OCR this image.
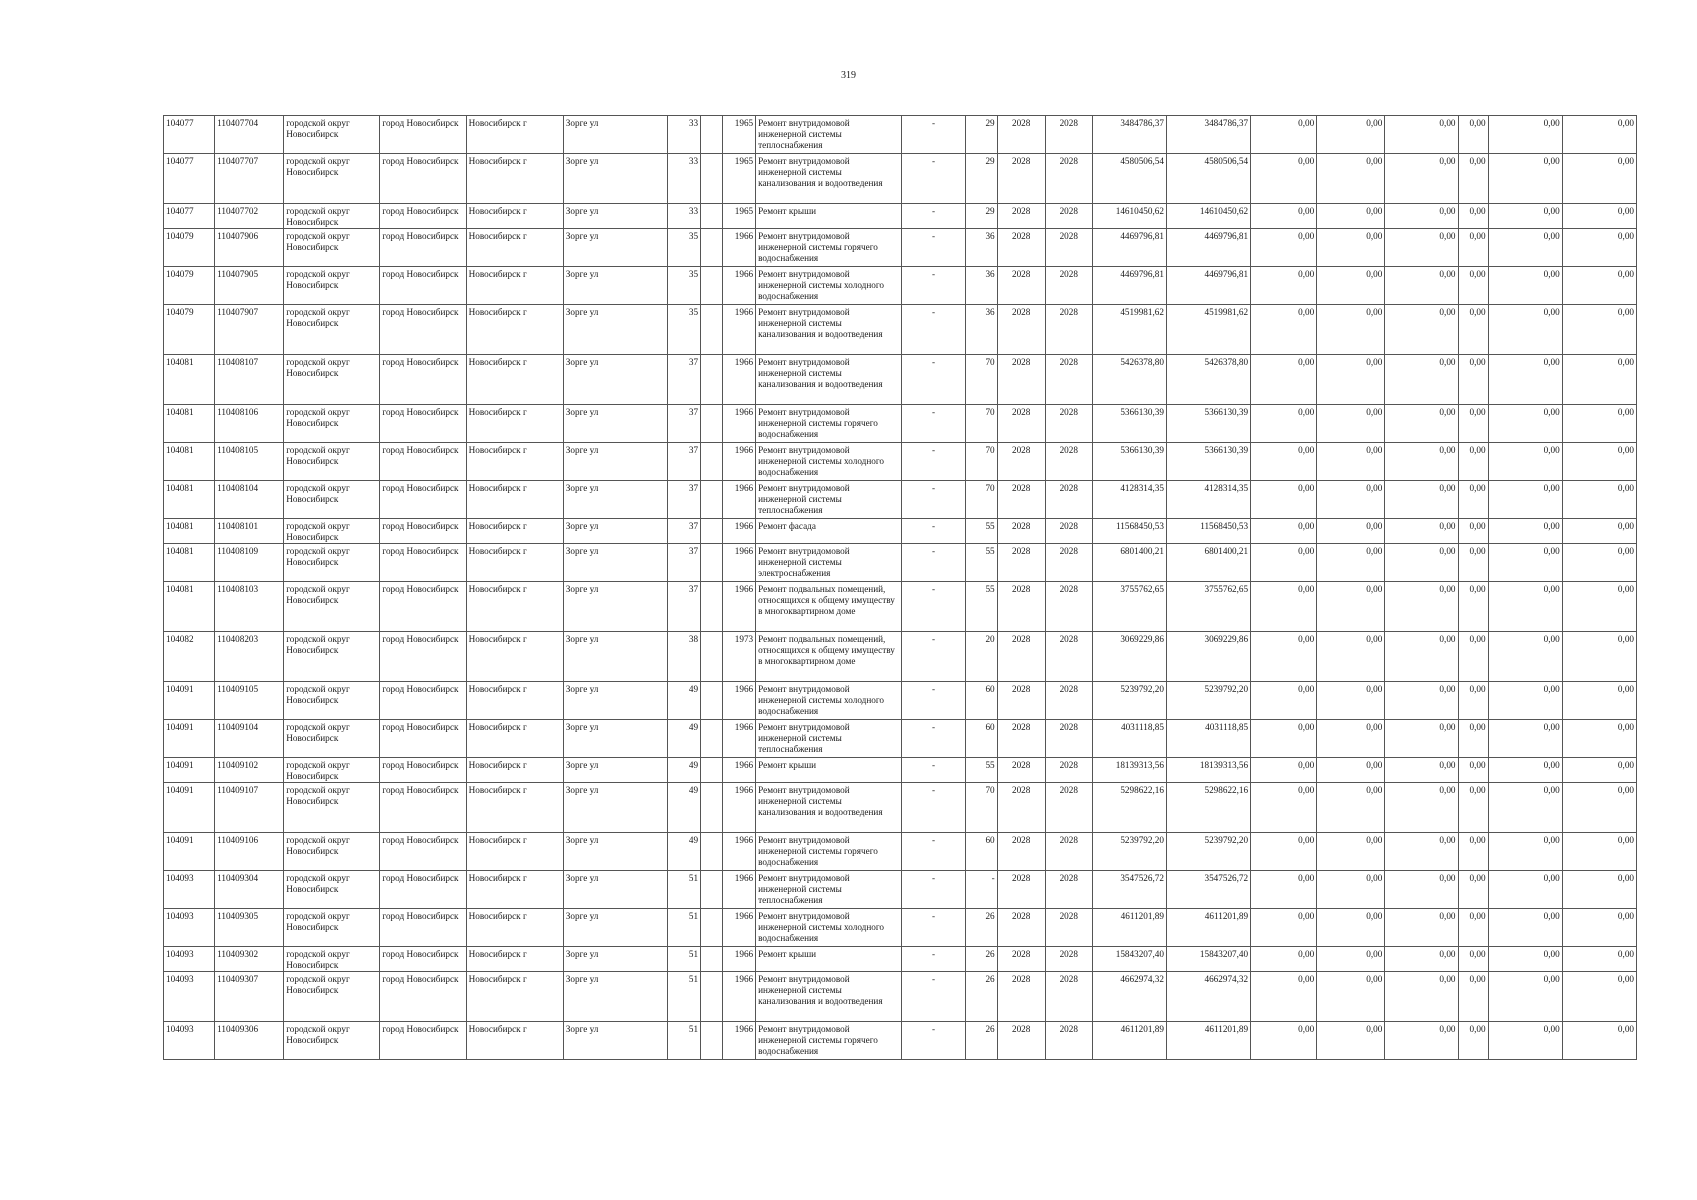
319
104077	110407704	городской округ Новосибирск	город Новосибирск	Новосибирск г	Зорге ул	33		1965	Ремонт внутридомовой инженерной системы теплоснабжения	-	29	2028	2028	3484786,37	3484786,37	0,00	0,00	0,00	0,00	0,00	0,00
104077	110407707	городской округ Новосибирск	город Новосибирск	Новосибирск г	Зорге ул	33		1965	Ремонт внутридомовой инженерной системы канализования и водоотведения	-	29	2028	2028	4580506,54	4580506,54	0,00	0,00	0,00	0,00	0,00	0,00
104077	110407702	городской округ Новосибирск	город Новосибирск	Новосибирск г	Зорге ул	33		1965	Ремонт крыши	-	29	2028	2028	14610450,62	14610450,62	0,00	0,00	0,00	0,00	0,00	0,00
104079	110407906	городской округ Новосибирск	город Новосибирск	Новосибирск г	Зорге ул	35		1966	Ремонт внутридомовой инженерной системы горячего водоснабжения	-	36	2028	2028	4469796,81	4469796,81	0,00	0,00	0,00	0,00	0,00	0,00
104079	110407905	городской округ Новосибирск	город Новосибирск	Новосибирск г	Зорге ул	35		1966	Ремонт внутридомовой инженерной системы холодного водоснабжения	-	36	2028	2028	4469796,81	4469796,81	0,00	0,00	0,00	0,00	0,00	0,00
104079	110407907	городской округ Новосибирск	город Новосибирск	Новосибирск г	Зорге ул	35		1966	Ремонт внутридомовой инженерной системы канализования и водоотведения	-	36	2028	2028	4519981,62	4519981,62	0,00	0,00	0,00	0,00	0,00	0,00
104081	110408107	городской округ Новосибирск	город Новосибирск	Новосибирск г	Зорге ул	37		1966	Ремонт внутридомовой инженерной системы канализования и водоотведения	-	70	2028	2028	5426378,80	5426378,80	0,00	0,00	0,00	0,00	0,00	0,00
104081	110408106	городской округ Новосибирск	город Новосибирск	Новосибирск г	Зорге ул	37		1966	Ремонт внутридомовой инженерной системы горячего водоснабжения	-	70	2028	2028	5366130,39	5366130,39	0,00	0,00	0,00	0,00	0,00	0,00
104081	110408105	городской округ Новосибирск	город Новосибирск	Новосибирск г	Зорге ул	37		1966	Ремонт внутридомовой инженерной системы холодного водоснабжения	-	70	2028	2028	5366130,39	5366130,39	0,00	0,00	0,00	0,00	0,00	0,00
104081	110408104	городской округ Новосибирск	город Новосибирск	Новосибирск г	Зорге ул	37		1966	Ремонт внутридомовой инженерной системы теплоснабжения	-	70	2028	2028	4128314,35	4128314,35	0,00	0,00	0,00	0,00	0,00	0,00
104081	110408101	городской округ Новосибирск	город Новосибирск	Новосибирск г	Зорге ул	37		1966	Ремонт фасада	-	55	2028	2028	11568450,53	11568450,53	0,00	0,00	0,00	0,00	0,00	0,00
104081	110408109	городской округ Новосибирск	город Новосибирск	Новосибирск г	Зорге ул	37		1966	Ремонт внутридомовой инженерной системы электроснабжения	-	55	2028	2028	6801400,21	6801400,21	0,00	0,00	0,00	0,00	0,00	0,00
104081	110408103	городской округ Новосибирск	город Новосибирск	Новосибирск г	Зорге ул	37		1966	Ремонт подвальных помещений, относящихся к общему имуществу в многоквартирном доме	-	55	2028	2028	3755762,65	3755762,65	0,00	0,00	0,00	0,00	0,00	0,00
104082	110408203	городской округ Новосибирск	город Новосибирск	Новосибирск г	Зорге ул	38		1973	Ремонт подвальных помещений, относящихся к общему имуществу в многоквартирном доме	-	20	2028	2028	3069229,86	3069229,86	0,00	0,00	0,00	0,00	0,00	0,00
104091	110409105	городской округ Новосибирск	город Новосибирск	Новосибирск г	Зорге ул	49		1966	Ремонт внутридомовой инженерной системы холодного водоснабжения	-	60	2028	2028	5239792,20	5239792,20	0,00	0,00	0,00	0,00	0,00	0,00
104091	110409104	городской округ Новосибирск	город Новосибирск	Новосибирск г	Зорге ул	49		1966	Ремонт внутридомовой инженерной системы теплоснабжения	-	60	2028	2028	4031118,85	4031118,85	0,00	0,00	0,00	0,00	0,00	0,00
104091	110409102	городской округ Новосибирск	город Новосибирск	Новосибирск г	Зорге ул	49		1966	Ремонт крыши	-	55	2028	2028	18139313,56	18139313,56	0,00	0,00	0,00	0,00	0,00	0,00
104091	110409107	городской округ Новосибирск	город Новосибирск	Новосибирск г	Зорге ул	49		1966	Ремонт внутридомовой инженерной системы канализования и водоотведения	-	70	2028	2028	5298622,16	5298622,16	0,00	0,00	0,00	0,00	0,00	0,00
104091	110409106	городской округ Новосибирск	город Новосибирск	Новосибирск г	Зорге ул	49		1966	Ремонт внутридомовой инженерной системы горячего водоснабжения	-	60	2028	2028	5239792,20	5239792,20	0,00	0,00	0,00	0,00	0,00	0,00
104093	110409304	городской округ Новосибирск	город Новосибирск	Новосибирск г	Зорге ул	51		1966	Ремонт внутридомовой инженерной системы теплоснабжения	-	-	2028	2028	3547526,72	3547526,72	0,00	0,00	0,00	0,00	0,00	0,00
104093	110409305	городской округ Новосибирск	город Новосибирск	Новосибирск г	Зорге ул	51		1966	Ремонт внутридомовой инженерной системы холодного водоснабжения	-	26	2028	2028	4611201,89	4611201,89	0,00	0,00	0,00	0,00	0,00	0,00
104093	110409302	городской округ Новосибирск	город Новосибирск	Новосибирск г	Зорге ул	51		1966	Ремонт крыши	-	26	2028	2028	15843207,40	15843207,40	0,00	0,00	0,00	0,00	0,00	0,00
104093	110409307	городской округ Новосибирск	город Новосибирск	Новосибирск г	Зорге ул	51		1966	Ремонт внутридомовой инженерной системы канализования и водоотведения	-	26	2028	2028	4662974,32	4662974,32	0,00	0,00	0,00	0,00	0,00	0,00
104093	110409306	городской округ Новосибирск	город Новосибирск	Новосибирск г	Зорге ул	51		1966	Ремонт внутридомовой инженерной системы горячего водоснабжения	-	26	2028	2028	4611201,89	4611201,89	0,00	0,00	0,00	0,00	0,00	0,00
